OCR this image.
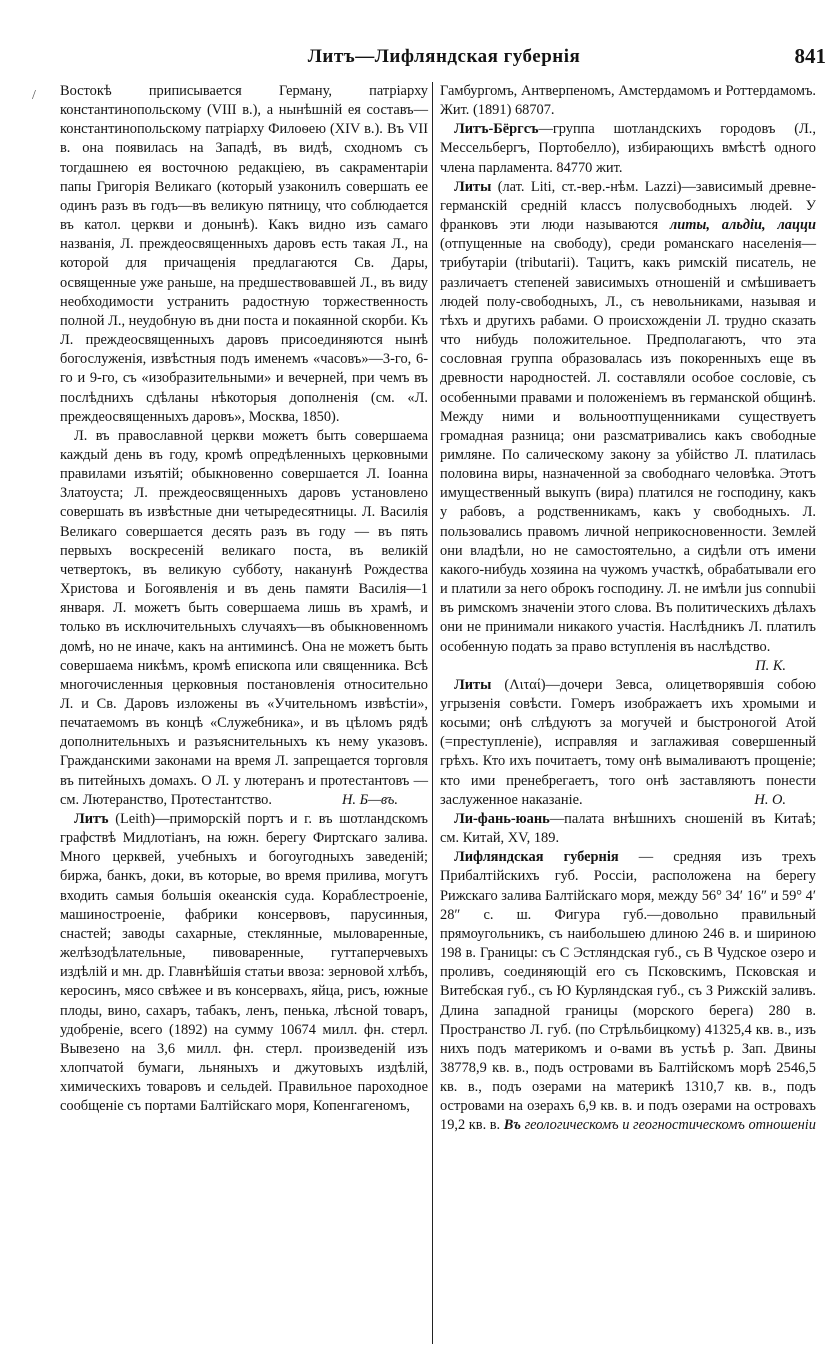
Литъ—Лифляндская губернія	841
/ Востокѣ приписывается Герману, патріарху константинопольскому (VIII в.), а нынѣшній ея составъ—константинопольскому патріарху Филоѳею (XIV в.). Въ VII в. она появилась на Западѣ, въ видѣ, сходномъ съ тогдашнею ея восточною редакціею, въ сакраментаріи папы Григорія Великаго (который узаконилъ совершать ее одинъ разъ въ годъ—въ великую пятницу, что соблюдается въ катол. церкви и донынѣ). Какъ видно изъ самаго названія, Л. преждеосвященныхъ даровъ есть такая Л., на которой для причащенія предлагаются Св. Дары, освященные уже раньше, на предшествовавшей Л., въ виду необходимости устранить радостную торжественность полной Л., неудобную въ дни поста и покаянной скорби. Къ Л. преждеосвященныхъ даровъ присоединяются нынѣ богослуженія, извѣстныя подъ именемъ «часовъ»—3-го, 6-го и 9-го, съ «изобразительными» и вечерней, при чемъ въ послѣднихъ сдѣланы нѣкоторыя дополненія (см. «Л. преждеосвященныхъ даровъ», Москва, 1850).

Л. въ православной церкви можетъ быть совершаема каждый день въ году, кромѣ опредѣленныхъ церковными правилами изъятій; обыкновенно совершается Л. Іоанна Златоуста; Л. преждеосвященныхъ даровъ установлено совершать въ извѣстные дни четыредесятницы. Л. Василія Великаго совершается десять разъ въ году — въ пять первыхъ воскресеній великаго поста, въ великій четвертокъ, въ великую субботу, наканунѣ Рождества Христова и Богоявленія и въ день памяти Василія—1 января. Л. можетъ быть совершаема лишь въ храмѣ, и только въ исключительныхъ случаяхъ—въ обыкновенномъ домѣ, но не иначе, какъ на антиминсѣ. Она не можетъ быть совершаема никѣмъ, кромѣ епископа или священника. Всѣ многочисленныя церковныя постановленія относительно Л. и Св. Даровъ изложены въ «Учительномъ извѣстіи», печатаемомъ въ концѣ «Служебника», и въ цѣломъ рядѣ дополнительныхъ и разъяснительныхъ къ нему указовъ. Гражданскими законами на время Л. запрещается торговля въ питейныхъ домахъ. О Л. у лютеранъ и протестантовъ — см. Лютеранство, Протестантство.	Н. Б—въ.

Литъ (Leith)—приморскій портъ и г. въ шотландскомъ графствѣ Мидлотіанъ, на южн. берегу Фиртскаго залива. Много церквей, учебныхъ и богоугодныхъ заведеній; биржа, банкъ, доки, въ которые, во время прилива, могутъ входить самыя большія океанскія суда. Кораблестроеніе, машиностроеніе, фабрики консервовъ, парусинныя, снастей; заводы сахарные, стеклянные, мыловаренные, желѣзодѣлательные, пивоваренные, гуттаперчевыхъ издѣлій и мн. др. Главнѣйшія статьи ввоза: зерновой хлѣбъ, керосинъ, мясо свѣжее и въ консервахъ, яйца, рисъ, южные плоды, вино, сахаръ, табакъ, ленъ, пенька, лѣсной товаръ, удобреніе, всего (1892) на сумму 10674 милл. фн. стерл. Вывезено на 3,6 милл. фн. стерл. произведеній изъ хлопчатой бумаги, льняныхъ и джутовыхъ издѣлій, химическихъ товаровъ и сельдей. Правильное пароходное сообщеніе съ портами Балтійскаго моря, Копенгагеномъ,

Гамбургомъ, Антверпеномъ, Амстердамомъ и Роттердамомъ. Жит. (1891) 68707.

Литъ-Бёргсъ—группа шотландскихъ городовъ (Л., Мессельбергъ, Портобелло), избирающихъ вмѣстѣ одного члена парламента. 84770 жит.

Литы (лат. Liti, ст.-вер.-нѣм. Lazzi)—зависимый древне-германскій средній классъ полусвободныхъ людей. У франковъ эти люди называются литы, альдіи, лацци (отпущенные на свободу), среди романскаго населенія—трибутаріи (tributarii). Тацитъ, какъ римскій писатель, не различаетъ степеней зависимыхъ отношеній и смѣшиваетъ людей полу-свободныхъ, Л., съ невольниками, называя и тѣхъ и другихъ рабами. О происхожденіи Л. трудно сказать что нибудь положительное. Предполагаютъ, что эта сословная группа образовалась изъ покоренныхъ еще въ древности народностей. Л. составляли особое сословіе, съ особенными правами и положеніемъ въ германской общинѣ. Между ними и вольноотпущенниками существуетъ громадная разница; они разсматривались какъ свободные римляне. По салическому закону за убійство Л. платилась половина виры, назначенной за свободнаго человѣка. Этотъ имущественный выкупъ (вира) платился не господину, какъ у рабовъ, а родственникамъ, какъ у свободныхъ. Л. пользовались правомъ личной неприкосновенности. Землей они владѣли, но не самостоятельно, а сидѣли отъ имени какого-нибудь хозяина на чужомъ участкѣ, обрабатывали его и платили за него оброкъ господину. Л. не имѣли jus connubii въ римскомъ значеніи этого слова. Въ политическихъ дѣлахъ они не принимали никакого участія. Наслѣдникъ Л. платилъ особенную подать за право вступленія въ наслѣдство.
П. К.

Литы (Λιταί)—дочери Зевса, олицетворявшія собою угрызенія совѣсти. Гомеръ изображаетъ ихъ хромыми и косыми; онѣ слѣдуютъ за могучей и быстроногой Атой (=преступленіе), исправляя и заглаживая совершенный грѣхъ. Кто ихъ почитаетъ, тому онѣ вымаливаютъ прощеніе; кто ими пренебрегаетъ, того онѣ заставляютъ понести заслуженное наказаніе.	Н. О.

Ли-фань-юань—палата внѣшнихъ сношеній въ Китаѣ; см. Китай, XV, 189.

Лифляндская губернія — средняя изъ трехъ Прибалтійскихъ губ. Россіи, расположена на берегу Рижскаго залива Балтійскаго моря, между 56° 34′ 16″ и 59° 4′ 28″ с. ш. Фигура губ.—довольно правильный прямоугольникъ, съ наибольшею длиною 246 в. и шириною 198 в. Границы: съ С Эстляндская губ., съ В Чудское озеро и проливъ, соединяющій его съ Псковскимъ, Псковская и Витебская губ., съ Ю Курляндская губ., съ З Рижскій заливъ. Длина западной границы (морского берега) 280 в. Пространство Л. губ. (по Стрѣльбицкому) 41325,4 кв. в., изъ нихъ подъ материкомъ и о-вами въ устьѣ р. Зап. Двины 38778,9 кв. в., подъ островами въ Балтійскомъ морѣ 2546,5 кв. в., подъ озерами на материкѣ 1310,7 кв. в., подъ островами на озерахъ 6,9 кв. в. и подъ озерами на островахъ 19,2 кв. в. Въ геологическомъ и геогностическомъ отношеніи
